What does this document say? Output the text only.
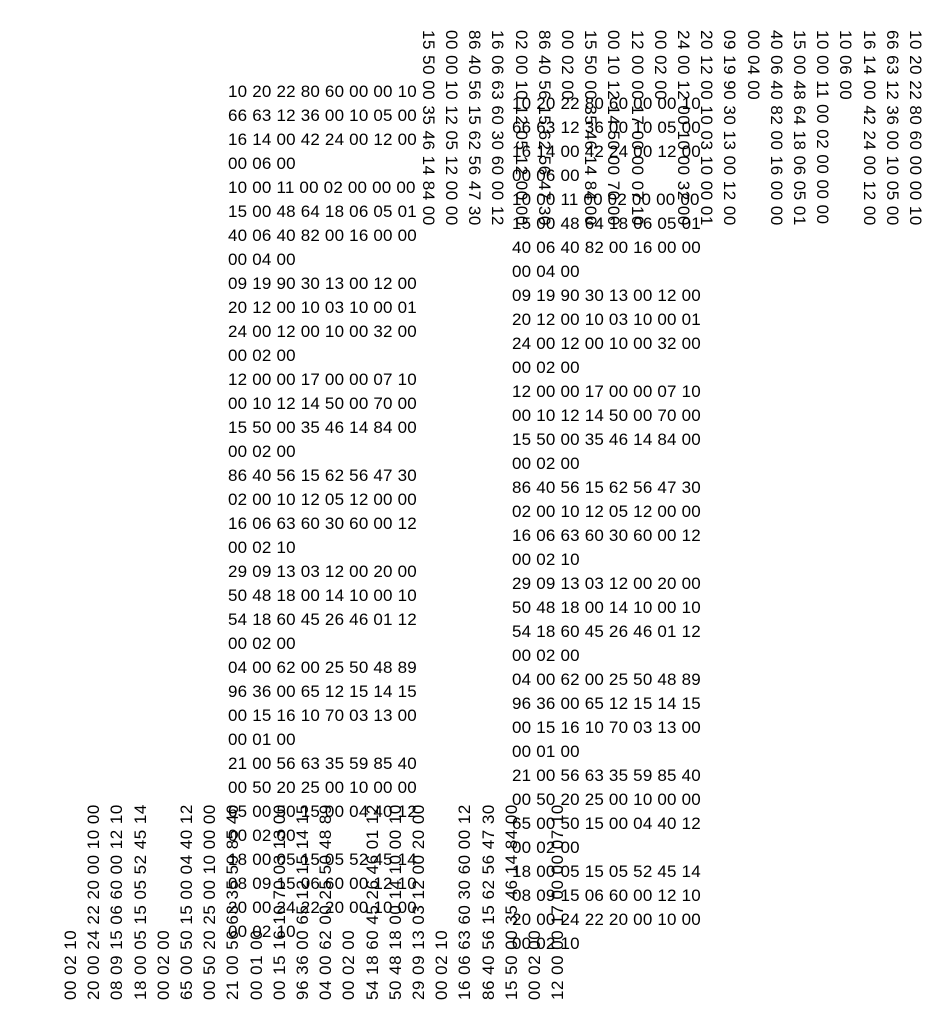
10 20 22 80 60 00 00 10
66 63 12 36 00 10 05 00
16 14 00 42 24 00 12 00
10 06 00
10 00 11 00 02 00 00 00
15 00 48 64 18 06 05 01
40 06 40 82 00 16 00 00
00 04 00
09 19 90 30 13 00 12 00
20 12 00 10 03 10 00 01
24 00 12 00 10 00 32 00
00 02 00
12 00 00 17 00 00 07 10
00 10 12 14 50 00 70 00
15 50 00 35 46 14 84 00
00 02 00
86 40 56 15 62 56 47 30
02 00 10 12 05 12 00 00
16 06 63 60 30 60 00 12
86 40 56 15 62 56 47 30
00 00 10 12 05 12 00 00
15 50 00 35 46 14 84 00
00 02 10 20 00 24 22 20 00 10 00 08 09 15 06 60 00 12 10 18 00 05 15 05 52 45 14 00 02 00 65 00 50 15 00 04 40 12 00 50 20 25 00 10 00 00 21 00 56 63 35 59 85 40 00 01 00 00 15 16 10 70 03 13 00 96 36 00 65 12 15 14 15 04 00 62 00 25 50 48 89 00 02 00 54 18 60 45 26 46 01 12 50 48 18 00 14 10 00 10 29 09 13 03 12 00 20 00 00 02 10 16 06 63 60 30 60 00 12 86 40 56 15 62 56 47 30 15 50 00 35 46 14 84 00 00 02 00 12 00 00 17 00 00 07 10
10 20 22 80 60 00 00 10
66 63 12 36 00 10 05 00
16 14 00 42 24 00 12 00
00 06 00
10 00 11 00 02 00 00 00
15 00 48 64 18 06 05 01
40 06 40 82 00 16 00 00
00 04 00
09 19 90 30 13 00 12 00
20 12 00 10 03 10 00 01
24 00 12 00 10 00 32 00
00 02 00
12 00 00 17 00 00 07 10
00 10 12 14 50 00 70 00
15 50 00 35 46 14 84 00
00 02 00
86 40 56 15 62 56 47 30
02 00 10 12 05 12 00 00
16 06 63 60 30 60 00 12
00 02 10
29 09 13 03 12 00 20 00
50 48 18 00 14 10 00 10
54 18 60 45 26 46 01 12
00 02 00
04 00 62 00 25 50 48 89
96 36 00 65 12 15 14 15
00 15 16 10 70 03 13 00
00 01 00
21 00 56 63 35 59 85 40
00 50 20 25 00 10 00 00
65 00 50 15 00 04 40 12
00 02 00
18 00 05 15 05 52 45 14
08 09 15 06 60 00 12 10
20 00 24 22 20 00 10 00
00 02 10
10 20 22 80 60 00 00 10
66 63 12 36 00 10 05 00
16 14 00 42 24 00 12 00
00 06 00
10 00 11 00 02 00 00 00
15 00 48 64 18 06 05 01
40 06 40 82 00 16 00 00
00 04 00
09 19 90 30 13 00 12 00
20 12 00 10 03 10 00 01
24 00 12 00 10 00 32 00
00 02 00
12 00 00 17 00 00 07 10
00 10 12 14 50 00 70 00
15 50 00 35 46 14 84 00
00 02 00
86 40 56 15 62 56 47 30
02 00 10 12 05 12 00 00
16 06 63 60 30 60 00 12
00 02 10
29 09 13 03 12 00 20 00
50 48 18 00 14 10 00 10
54 18 60 45 26 46 01 12
00 02 00
04 00 62 00 25 50 48 89
96 36 00 65 12 15 14 15
00 15 16 10 70 03 13 00
00 01 00
21 00 56 63 35 59 85 40
00 50 20 25 00 10 00 00
65 00 50 15 00 04 40 12
00 02 00
18 00 05 15 05 52 45 14
08 09 15 06 60 00 12 10
20 00 24 22 20 00 10 00
00 02 10
